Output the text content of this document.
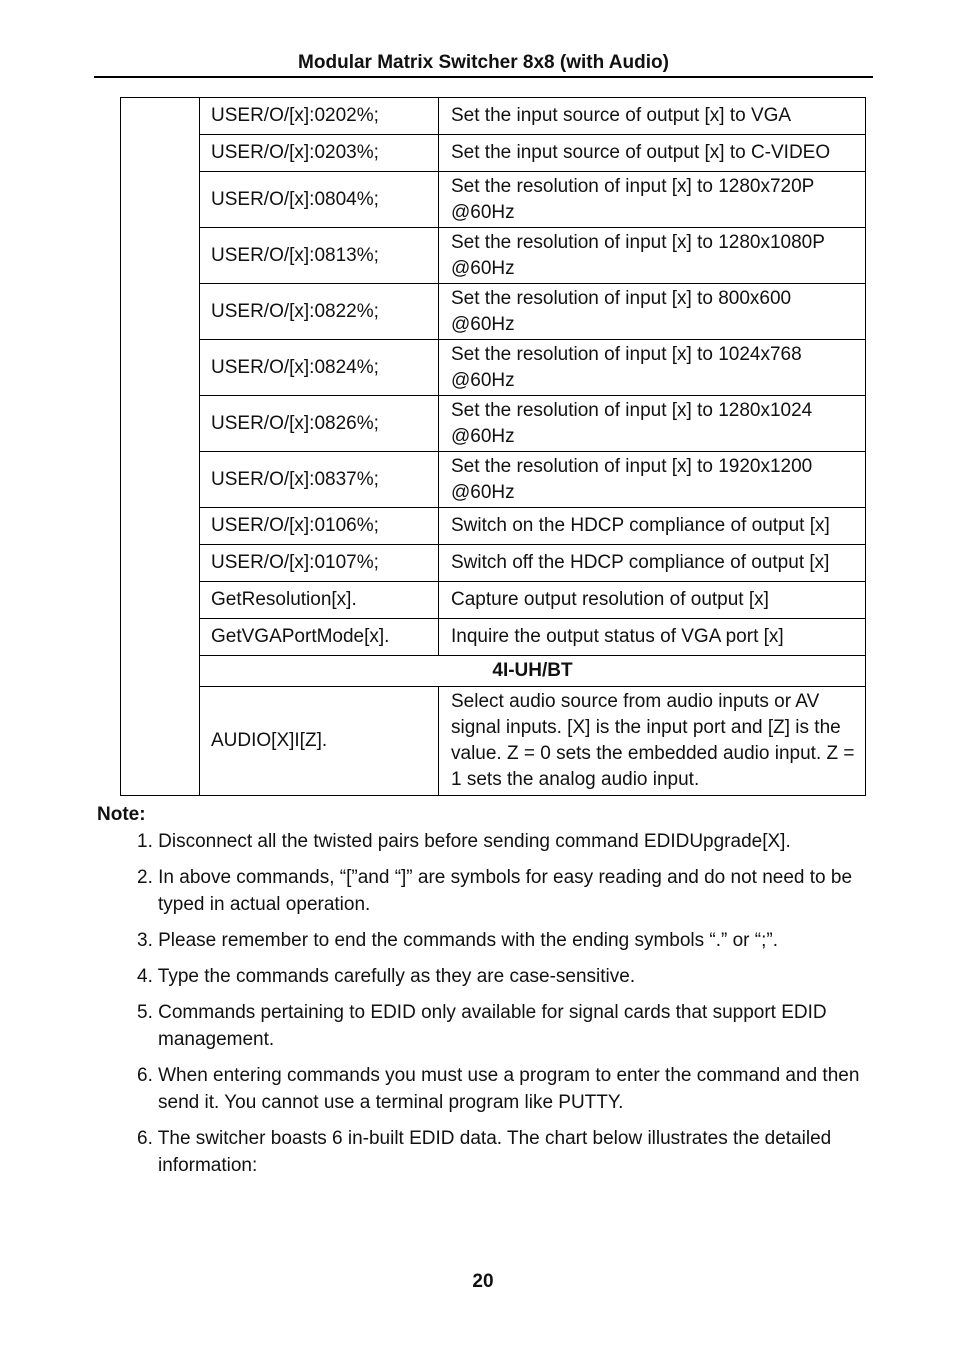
Modular Matrix Switcher 8x8 (with Audio)
	USER/O/[x]:0202%;	Set the input source of output [x] to VGA
	USER/O/[x]:0203%;	Set the input source of output [x] to C-VIDEO
	USER/O/[x]:0804%;	Set the resolution of input [x] to 1280x720P @60Hz
	USER/O/[x]:0813%;	Set the resolution of input [x] to 1280x1080P @60Hz
	USER/O/[x]:0822%;	Set the resolution of input [x] to 800x600 @60Hz
	USER/O/[x]:0824%;	Set the resolution of input [x] to 1024x768 @60Hz
	USER/O/[x]:0826%;	Set the resolution of input [x] to 1280x1024 @60Hz
	USER/O/[x]:0837%;	Set the resolution of input [x] to 1920x1200 @60Hz
	USER/O/[x]:0106%;	Switch on the HDCP compliance of output [x]
	USER/O/[x]:0107%;	Switch off the HDCP compliance of output [x]
	GetResolution[x].	Capture output resolution of output [x]
	GetVGAPortMode[x].	Inquire the output status of VGA port [x]
	4I-UH/BT	
	AUDIO[X]I[Z].	Select audio source from audio inputs or AV signal inputs. [X] is the input port and [Z] is the value. Z = 0 sets the embedded audio input. Z = 1 sets the analog audio input.
Note:
1. Disconnect all the twisted pairs before sending command EDIDUpgrade[X].
2. In above commands, “[”and “]” are symbols for easy reading and do not need to be typed in actual operation.
3. Please remember to end the commands with the ending symbols “.” or “;”.
4. Type the commands carefully as they are case-sensitive.
5. Commands pertaining to EDID only available for signal cards that support EDID management.
6. When entering commands you must use a program to enter the command and then send it. You cannot use a terminal program like PUTTY.
6. The switcher boasts 6 in-built EDID data. The chart below illustrates the detailed information:
20
